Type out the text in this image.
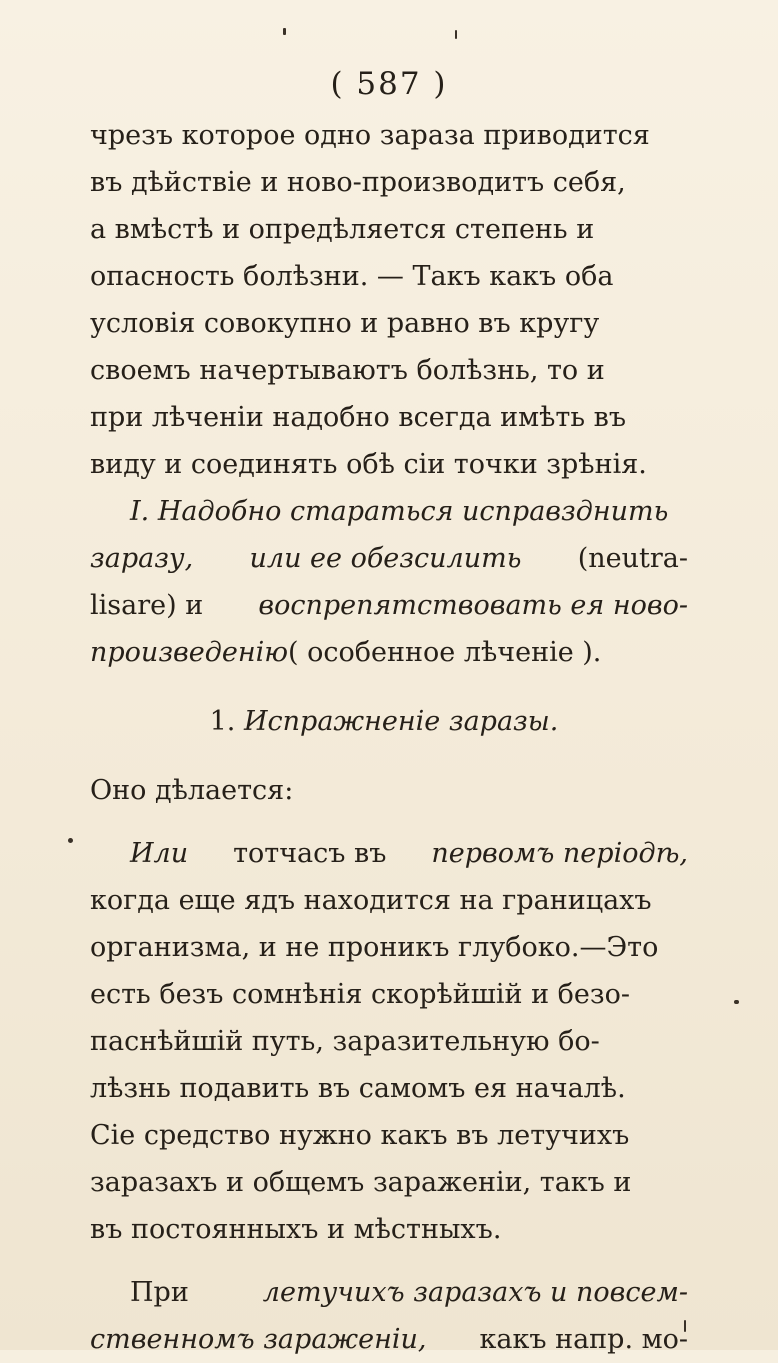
( 587 )
чрезъ которое одно зараза приводится
въ дѣйствіе и ново-производитъ себя,
а вмѣстѣ и опредѣляется степень и
опасность болѣзни. — Такъ какъ оба
условія совокупно и равно въ кругу
своемъ начертываютъ болѣзнь, то и
при лѣченіи надобно всегда имѣть въ
виду и соединять обѣ сіи точки зрѣнія.
I. Надобно стараться исправзднить
заразу, или ее обезсилить (neutra-
lisare) и воспрепятствовать ея ново-
произведенію ( особенное лѣченіе ).
1. Испражненіе заразы.
Оно дѣлается:
Или тотчасъ въ первомъ періодѣ,
когда еще ядъ находится на границахъ
организма, и не проникъ глубоко.—Это
есть безъ сомнѣнія скорѣйшій и безо-
паснѣйшій путь, заразительную бо-
лѣзнь подавить въ самомъ ея началѣ.
Сіе средство нужно какъ въ летучихъ
заразахъ и общемъ зараженіи, такъ и
въ постоянныхъ и мѣстныхъ.
При	летучихъ заразахъ и повсем-
ственномъ зараженіи, какъ напр. мо-
